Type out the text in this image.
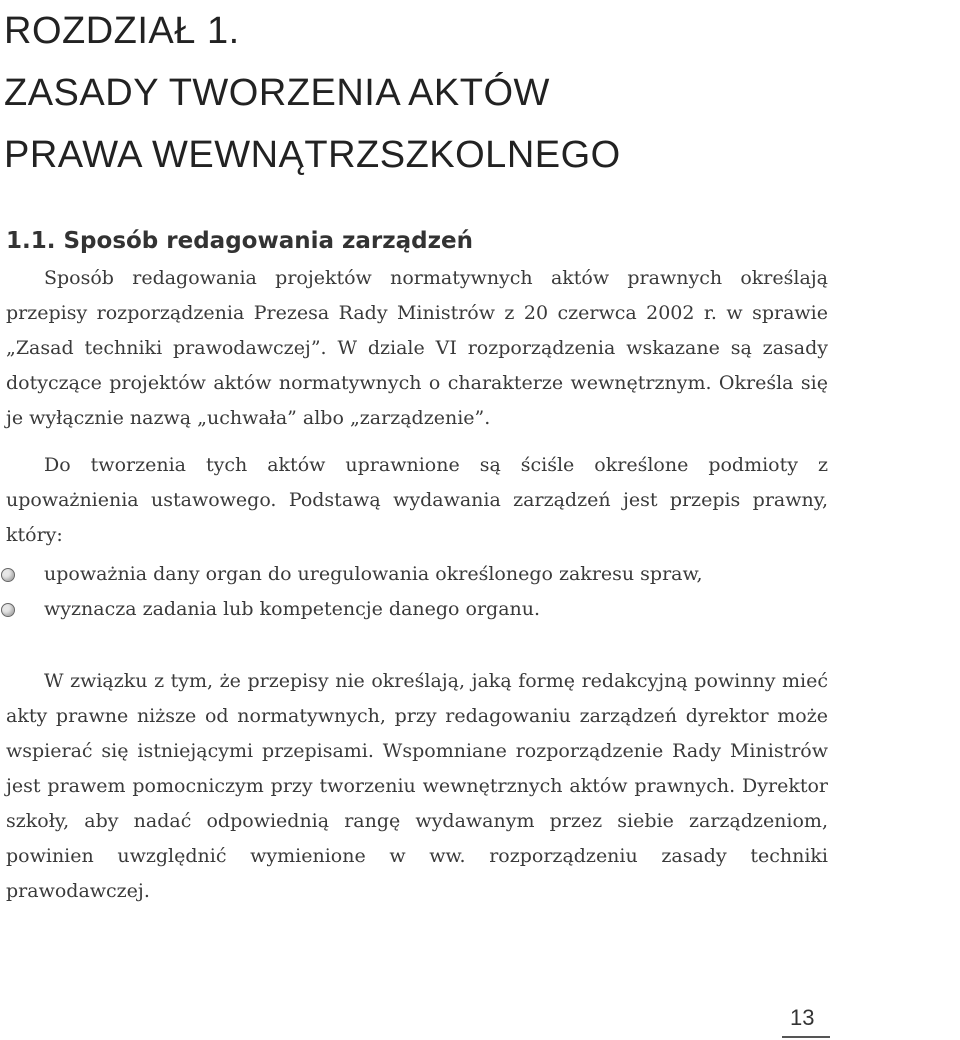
ROZDZIAŁ 1.
ZASADY TWORZENIA AKTÓW
PRAWA WEWNĄTRZSZKOLNEGO
1.1. Sposób redagowania zarządzeń

Sposób redagowania projektów normatywnych aktów prawnych określają przepisy rozporządzenia Prezesa Rady Ministrów z 20 czerwca 2002 r. w sprawie „Zasad techniki prawodawczej”. W dziale VI rozporządzenia wskazane są zasady dotyczące projektów aktów normatywnych o charakterze wewnętrznym. Określa się je wyłącznie nazwą „uchwała” albo „zarządzenie”.

Do tworzenia tych aktów uprawnione są ściśle określone podmioty z upoważnienia ustawowego. Podstawą wydawania zarządzeń jest przepis prawny, który:

upoważnia dany organ do uregulowania określonego zakresu spraw,
wyznacza zadania lub kompetencje danego organu.

W związku z tym, że przepisy nie określają, jaką formę redakcyjną powinny mieć akty prawne niższe od normatywnych, przy redagowaniu zarządzeń dyrektor może wspierać się istniejącymi przepisami. Wspomniane rozporządzenie Rady Ministrów jest prawem pomocniczym przy tworzeniu wewnętrznych aktów prawnych. Dyrektor szkoły, aby nadać odpowiednią rangę wydawanym przez siebie zarządzeniom, powinien uwzględnić wymienione w ww. rozporządzeniu zasady techniki prawodawczej.

13
